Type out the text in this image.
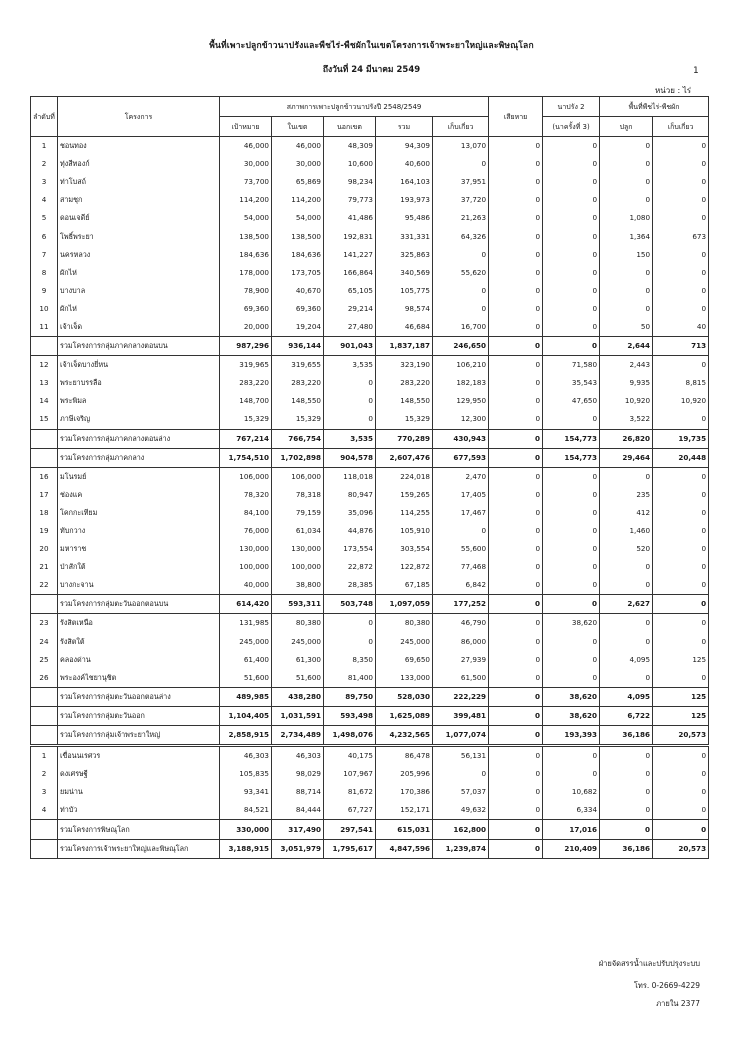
พื้นที่เพาะปลูกข้าวนาปรังและพืชไร่-พืชผักในเขตโครงการเจ้าพระยาใหญ่และพิษณุโลก
ถึงวันที่ 24 มีนาคม 2549	1
หน่วย : ไร่
ลำดับที่	โครงการ	สภาพการเพาะปลูกข้าวนาปรังปี 2548/2549					เสียหาย	นาปรัง 2	พื้นที่พืชไร่-พืชผัก	
		เป้าหมาย	ในเขต	นอกเขต	รวม	เก็บเกี่ยว		(นาครั้งที่ 3)	ปลูก	เก็บเกี่ยว
1	ชอนทอง	46,000	46,000	48,309	94,309	13,070	0	0	0	0
2	ทุ่งสีทองก์	30,000	30,000	10,600	40,600	0	0	0	0	0
3	ท่าโบสถ์	73,700	65,869	98,234	164,103	37,951	0	0	0	0
4	สามชุก	114,200	114,200	79,773	193,973	37,720	0	0	0	0
5	ดอนเจดีย์	54,000	54,000	41,486	95,486	21,263	0	0	1,080	0
6	โพธิ์พระยา	138,500	138,500	192,831	331,331	64,326	0	0	1,364	673
7	นครหลวง	184,636	184,636	141,227	325,863	0	0	0	150	0
8	ผักไห่	178,000	173,705	166,864	340,569	55,620	0	0	0	0
9	บางบาล	78,900	40,670	65,105	105,775	0	0	0	0	0
10	ผักไห่	69,360	69,360	29,214	98,574	0	0	0	0	0
11	เจ้าเจ็ด	20,000	19,204	27,480	46,684	16,700	0	0	50	40
	รวมโครงการกลุ่มภาคกลางตอนบน	987,296	936,144	901,043	1,837,187	246,650	0	0	2,644	713
12	เจ้าเจ็ดบางยี่หน	319,965	319,655	3,535	323,190	106,210	0	71,580	2,443	0
13	พระยาบรรลือ	283,220	283,220	0	283,220	182,183	0	35,543	9,935	8,815
14	พระพิมล	148,700	148,550	0	148,550	129,950	0	47,650	10,920	10,920
15	ภาษีเจริญ	15,329	15,329	0	15,329	12,300	0	0	3,522	0
	รวมโครงการกลุ่มภาคกลางตอนล่าง	767,214	766,754	3,535	770,289	430,943	0	154,773	26,820	19,735
	รวมโครงการกลุ่มภาคกลาง	1,754,510	1,702,898	904,578	2,607,476	677,593	0	154,773	29,464	20,448
16	มโนรมย์	106,000	106,000	118,018	224,018	2,470	0	0	0	0
17	ช่องแค	78,320	78,318	80,947	159,265	17,405	0	0	235	0
18	โคกกะเทียม	84,100	79,159	35,096	114,255	17,467	0	0	412	0
19	ทับกวาง	76,000	61,034	44,876	105,910	0	0	0	1,460	0
20	มหาราช	130,000	130,000	173,554	303,554	55,600	0	0	520	0
21	ป่าสักใต้	100,000	100,000	22,872	122,872	77,468	0	0	0	0
22	บางกะจาน	40,000	38,800	28,385	67,185	6,842	0	0	0	0
	รวมโครงการกลุ่มตะวันออกตอนบน	614,420	593,311	503,748	1,097,059	177,252	0	0	2,627	0
23	รังสิตเหนือ	131,985	80,380	0	80,380	46,790	0	38,620	0	0
24	รังสิตใต้	245,000	245,000	0	245,000	86,000	0	0	0	0
25	คลองด่าน	61,400	61,300	8,350	69,650	27,939	0	0	4,095	125
26	พระองค์ไชยานุชิต	51,600	51,600	81,400	133,000	61,500	0	0	0	0
	รวมโครงการกลุ่มตะวันออกตอนล่าง	489,985	438,280	89,750	528,030	222,229	0	38,620	4,095	125
	รวมโครงการกลุ่มตะวันออก	1,104,405	1,031,591	593,498	1,625,089	399,481	0	38,620	6,722	125
	รวมโครงการกลุ่มเจ้าพระยาใหญ่	2,858,915	2,734,489	1,498,076	4,232,565	1,077,074	0	193,393	36,186	20,573
1	เขื่อนนเรศวร	46,303	46,303	40,175	86,478	56,131	0	0	0	0
2	ดงเศรษฐี	105,835	98,029	107,967	205,996	0	0	0	0	0
3	ยมน่าน	93,341	88,714	81,672	170,386	57,037	0	10,682	0	0
4	ท่าบัว	84,521	84,444	67,727	152,171	49,632	0	6,334	0	0
	รวมโครงการพิษณุโลก	330,000	317,490	297,541	615,031	162,800	0	17,016	0	0
	รวมโครงการเจ้าพระยาใหญ่และพิษณุโลก	3,188,915	3,051,979	1,795,617	4,847,596	1,239,874	0	210,409	36,186	20,573
ฝ่ายจัดสรรน้ำและปรับปรุงระบบ
โทร. 0-2669-4229
ภายใน 2377
